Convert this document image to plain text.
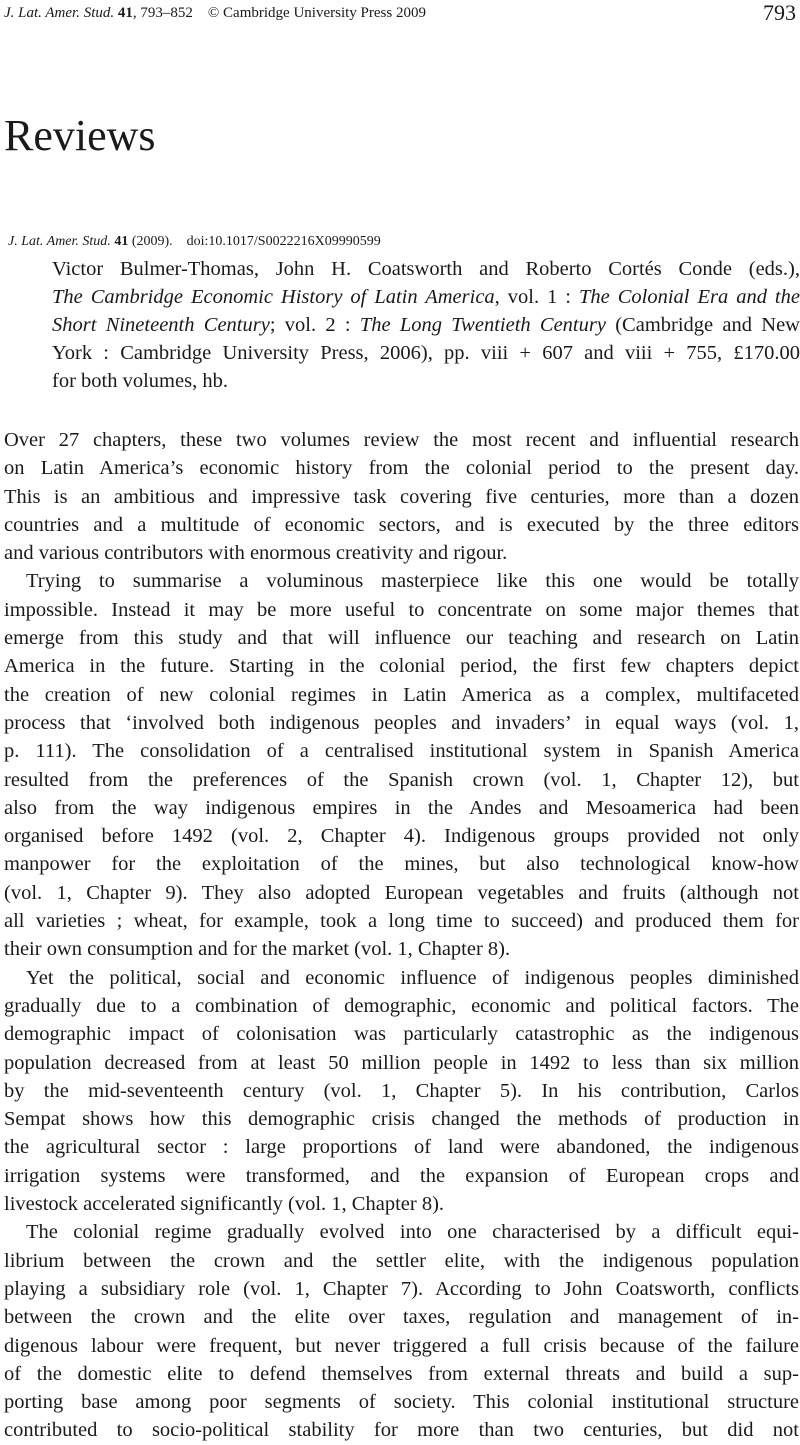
J. Lat. Amer. Stud. 41, 793–852 © Cambridge University Press 2009	793
Reviews
J. Lat. Amer. Stud. 41 (2009). doi:10.1017/S0022216X09990599
Victor Bulmer-Thomas, John H. Coatsworth and Roberto Cortés Conde (eds.),
The Cambridge Economic History of Latin America, vol. 1 : The Colonial Era and the
Short Nineteenth Century; vol. 2 : The Long Twentieth Century (Cambridge and New
York : Cambridge University Press, 2006), pp. viii + 607 and viii + 755, £170.00
for both volumes, hb.
Over 27 chapters, these two volumes review the most recent and influential research
on Latin America’s economic history from the colonial period to the present day.
This is an ambitious and impressive task covering five centuries, more than a dozen
countries and a multitude of economic sectors, and is executed by the three editors
and various contributors with enormous creativity and rigour.
Trying to summarise a voluminous masterpiece like this one would be totally
impossible. Instead it may be more useful to concentrate on some major themes that
emerge from this study and that will influence our teaching and research on Latin
America in the future. Starting in the colonial period, the first few chapters depict
the creation of new colonial regimes in Latin America as a complex, multifaceted
process that ‘involved both indigenous peoples and invaders’ in equal ways (vol. 1,
p. 111). The consolidation of a centralised institutional system in Spanish America
resulted from the preferences of the Spanish crown (vol. 1, Chapter 12), but
also from the way indigenous empires in the Andes and Mesoamerica had been
organised before 1492 (vol. 2, Chapter 4). Indigenous groups provided not only
manpower for the exploitation of the mines, but also technological know-how
(vol. 1, Chapter 9). They also adopted European vegetables and fruits (although not
all varieties ; wheat, for example, took a long time to succeed) and produced them for
their own consumption and for the market (vol. 1, Chapter 8).
Yet the political, social and economic influence of indigenous peoples diminished
gradually due to a combination of demographic, economic and political factors. The
demographic impact of colonisation was particularly catastrophic as the indigenous
population decreased from at least 50 million people in 1492 to less than six million
by the mid-seventeenth century (vol. 1, Chapter 5). In his contribution, Carlos
Sempat shows how this demographic crisis changed the methods of production in
the agricultural sector : large proportions of land were abandoned, the indigenous
irrigation systems were transformed, and the expansion of European crops and
livestock accelerated significantly (vol. 1, Chapter 8).
The colonial regime gradually evolved into one characterised by a difficult equi-
librium between the crown and the settler elite, with the indigenous population
playing a subsidiary role (vol. 1, Chapter 7). According to John Coatsworth, conflicts
between the crown and the elite over taxes, regulation and management of in-
digenous labour were frequent, but never triggered a full crisis because of the failure
of the domestic elite to defend themselves from external threats and build a sup-
porting base among poor segments of society. This colonial institutional structure
contributed to socio-political stability for more than two centuries, but did not
